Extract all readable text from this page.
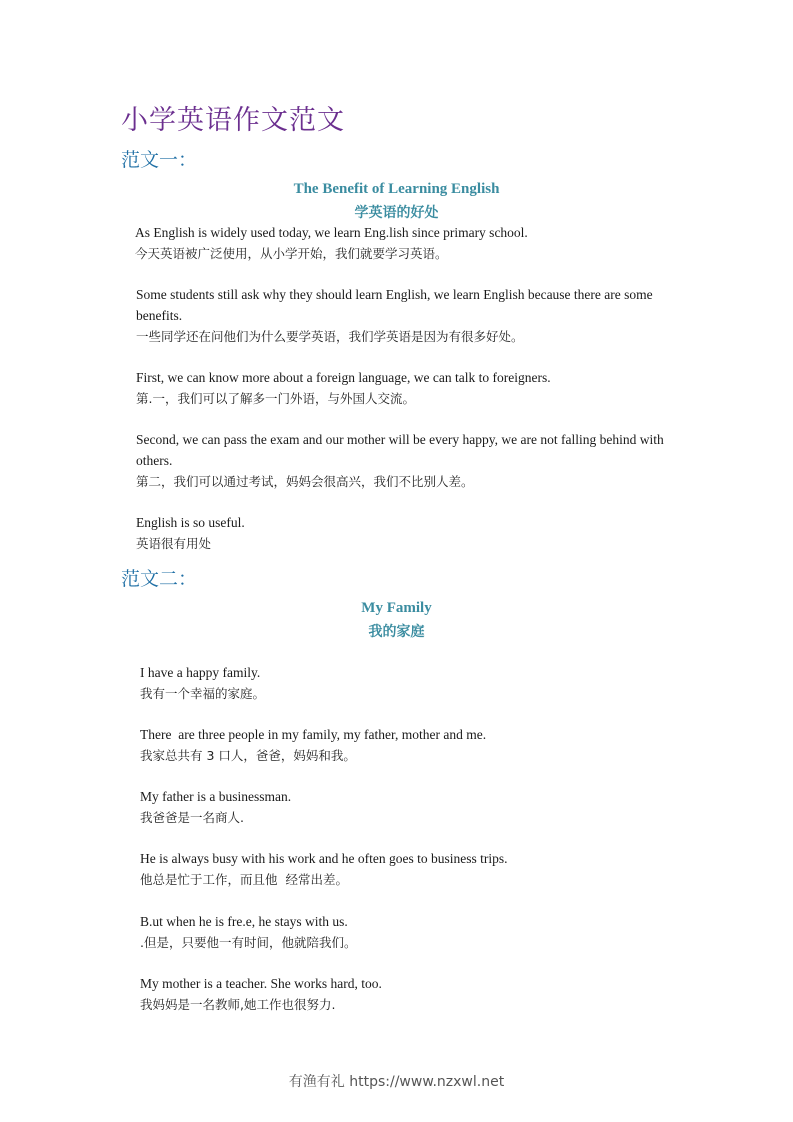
小学英语作文范文
范文一：
The Benefit of Learning English
学英语的好处
As English is widely used today, we learn Eng.lish since primary school.
今天英语被广泛使用，从小学开始，我们就要学习英语。
Some students still ask why they should learn English, we learn English because there are some benefits.
一些同学还在问他们为什么要学英语，我们学英语是因为有很多好处。
First, we can know more about a foreign language, we can talk to foreigners.
第.一，我们可以了解多一门外语，与外国人交流。
Second, we can pass the exam and our mother will be every happy, we are not falling behind with others.
第二，我们可以通过考试，妈妈会很高兴，我们不比别人差。
English is so useful.
英语很有用处
范文二：
My Family
我的家庭
I have a happy family.
我有一个幸福的家庭。
There  are three people in my family, my father, mother and me.
我家总共有 3 口人，爸爸，妈妈和我。
My father is a businessman.
我爸爸是一名商人.
He is always busy with his work and he often goes to business trips.
他总是忙于工作，而且他  经常出差。
B.ut when he is fre.e, he stays with us.
.但是，只要他一有时间，他就陪我们。
My mother is a teacher. She works hard, too.
我妈妈是一名教师,她工作也很努力.
有渔有礼 https://www.nzxwl.net
